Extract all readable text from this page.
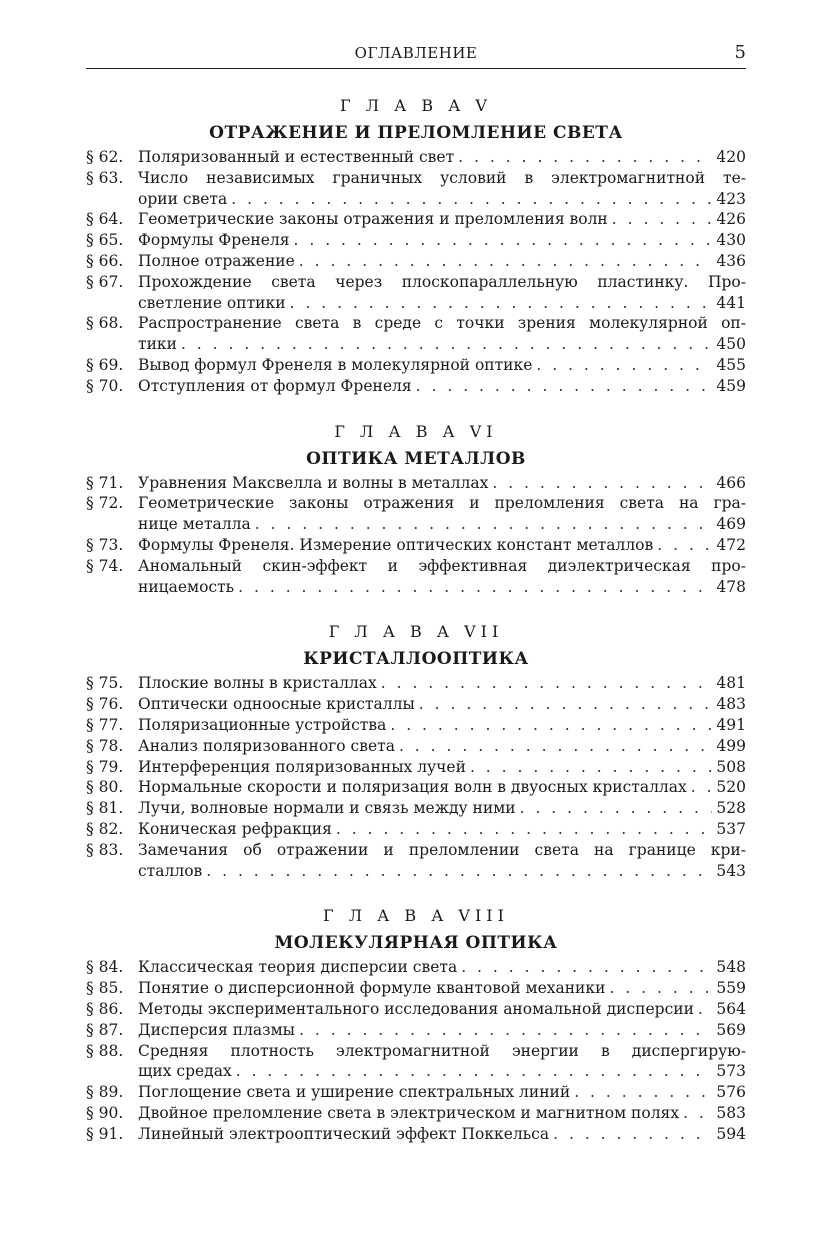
ОГЛАВЛЕНИЕ	5
Г Л А В А V
ОТРАЖЕНИЕ И ПРЕЛОМЛЕНИЕ СВЕТА
§ 62. Поляризованный и естественный свет . . .	420
§ 63. Число независимых граничных условий в электромагнитной те-
ории света . . .	423
§ 64. Геометрические законы отражения и преломления волн . . .	426
§ 65. Формулы Френеля . . .	430
§ 66. Полное отражение . . .	436
§ 67. Прохождение света через плоскопараллельную пластинку. Про-
светление оптики . . .	441
§ 68. Распространение света в среде с точки зрения молекулярной оп-
тики . . .	450
§ 69. Вывод формул Френеля в молекулярной оптике . . .	455
§ 70. Отступления от формул Френеля . . .	459
Г Л А В А VI
ОПТИКА МЕТАЛЛОВ
§ 71. Уравнения Максвелла и волны в металлах . . .	466
§ 72. Геометрические законы отражения и преломления света на гра-
нице металла . . .	469
§ 73. Формулы Френеля. Измерение оптических констант металлов . . .	472
§ 74. Аномальный скин-эффект и эффективная диэлектрическая про-
ницаемость . . .	478
Г Л А В А VII
КРИСТАЛЛООПТИКА
§ 75. Плоские волны в кристаллах . . .	481
§ 76. Оптически одноосные кристаллы . . .	483
§ 77. Поляризационные устройства . . .	491
§ 78. Анализ поляризованного света . . .	499
§ 79. Интерференция поляризованных лучей . . .	508
§ 80. Нормальные скорости и поляризация волн в двуосных кристаллах . . . 520
§ 81. Лучи, волновые нормали и связь между ними . . .	528
§ 82. Коническая рефракция . . .	537
§ 83. Замечания об отражении и преломлении света на границе кри-
сталлов . . .	543
Г Л А В А VIII
МОЛЕКУЛЯРНАЯ ОПТИКА
§ 84. Классическая теория дисперсии света . . .	548
§ 85. Понятие о дисперсионной формуле квантовой механики . . .	559
§ 86. Методы экспериментального исследования аномальной дисперсии . . . 564
§ 87. Дисперсия плазмы . . .	569
§ 88. Средняя плотность электромагнитной энергии в диспергирую-
щих средах . . .	573
§ 89. Поглощение света и уширение спектральных линий . . .	576
§ 90. Двойное преломление света в электрическом и магнитном полях . . . 583
§ 91. Линейный электрооптический эффект Поккельса . . .	594
